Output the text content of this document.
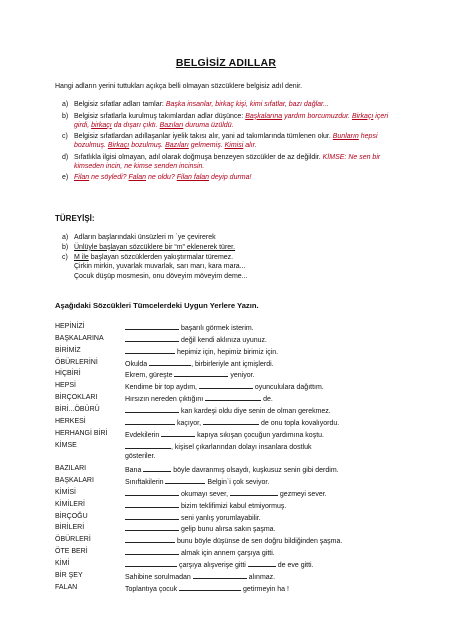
BELGİSİZ ADILLAR
Hangi adların yerini tuttukları açıkça belli olmayan sözcüklere belgisiz adıl denir.
a) Belgisiz sıfatlar adları tamlar: Başka insanlar, birkaç kişi, kimi sıfatlar, bazı dağlar...
b) Belgisiz sıfatlarla kurulmuş takımlardan adlar düşünce: Başkalarına yardım borcumuzdur. Birkaçı içeri girdi, birkaçı da dışarı çıktı. Bazıları duruma üzüldü.
c) Belgisiz sıfatlardan adıllaşanlar iyelik takısı alır, yani ad takımlarında tümlenen olur. Bunların hepsi bozulmuş. Birkaçı bozulmuş. Bazıları gelmemiş. Kimisi alır.
d) Sıfatlıkla ilgisi olmayan, adıl olarak doğmuşa benzeyen sözcükler de az değildir. KİMSE: Ne sen bir kimseden incin, ne kimse senden incinsin.
e) Filan ne söyledi? Falan ne oldu? Filan falan deyip durma!
TÜREYİŞİ:
a) Adların başlarındaki ünsüzleri m `ye çevirerek
b) Ünlüyle başlayan sözcüklere bir “m” eklenerek türer.
c) M ile başlayan sözcüklerden yakıştırmalar türemez.
Çirkin mirkin, yuvarlak muvarlak, sarı marı, kara mara...
Çocuk düşüp mosmesin, onu döveyim möveyim deme...
Aşağıdaki Sözcükleri Tümcelerdeki Uygun Yerlere Yazın.
HEPİNİZİ	başarılı görmek isterim.
BAŞKALARINA	değil kendi aklınıza uyunuz.
BİRİMİZ	hepimiz için, hepimiz birimiz için.
ÖBÜRLERİNİ	Okulda	, birbirleriyle ant içmişlerdi.
HİÇBİRİ	Ekrem, güreşte	yeniyor.
HEPSİ	Kendime bir top aydım,	oyuncululara dağıttım.
BİRÇOKLARI	Hırsızın nereden çıktığını	de.
BİRİ...ÖBÜRÜ	kan kardeşi oldu diye senin de olman gerekmez.
HERKESİ	kaçıyor,	de onu topla kovalıyordu.
HERHANGİ BİRİ	Evdekilerin	kapıya sıkışan çocuğun yardımına koştu.
KİMSE	, kişisel çıkarlarından dolayı insanlara dostluk
gösteriler.
BAZILARI	Bana	böyle davranmış olsaydı, kuşkusuz senin gibi derdim.
BAŞKALARI	Sınıftakilerin	Belgin`i çok seviyor.
KİMİSİ	okumayı sever,	gezmeyi sever.
KİMİLERİ	bizim teklifimizi kabul etmiyormuş.
BİRÇOĞU	seni yanlış yorumlayabilir.
BİRİLERİ	gelip bunu alırsa sakın şaşma.
ÖBÜRLERİ	bunu böyle düşünse de sen doğru bildiğinden şaşma.
ÖTE BERİ	almak için annem çarşıya gitti.
KİMİ	çarşıya alışverişe gitti	de eve gitti.
BİR ŞEY	Sahibine sorulmadan	alınmaz.
FALAN	Toplantıya çocuk	getirmeyin ha !
